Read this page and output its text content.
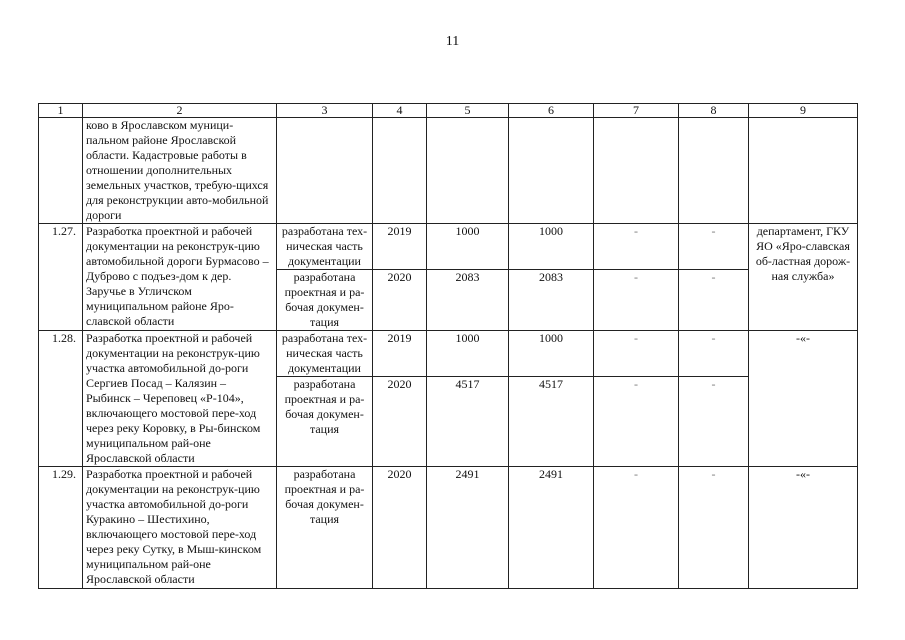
11
1	2	3	4	5	6	7	8	9
	ково в Ярославском муници-пальном районе Ярославской области. Кадастровые работы в отношении дополнительных земельных участков, требую-щихся для реконструкции авто-мобильной дороги							
1.27.	Разработка проектной и рабочей документации на реконструк-цию автомобильной дороги Бурмасово – Дуброво с подъез-дом к дер. Заручье в Угличском муниципальном районе Яро-славской области	разработана тех-ническая часть документации	2019	1000	1000	-	-	департамент, ГКУ ЯО «Яро-славская об-ластная дорож-ная служба»
		разработана проектная и ра-бочая докумен-тация	2020	2083	2083	-	-	
1.28.	Разработка проектной и рабочей документации на реконструк-цию участка автомобильной до-роги Сергиев Посад – Калязин – Рыбинск – Череповец «Р-104», включающего мостовой пере-ход через реку Коровку, в Ры-бинском муниципальном рай-оне Ярославской области	разработана тех-ническая часть документации	2019	1000	1000	-	-	-«-
		разработана проектная и ра-бочая докумен-тация	2020	4517	4517	-	-	
1.29.	Разработка проектной и рабочей документации на реконструк-цию участка автомобильной до-роги Куракино – Шестихино, включающего мостовой пере-ход через реку Сутку, в Мыш-кинском муниципальном рай-оне Ярославской области	разработана проектная и ра-бочая докумен-тация	2020	2491	2491	-	-	-«-
